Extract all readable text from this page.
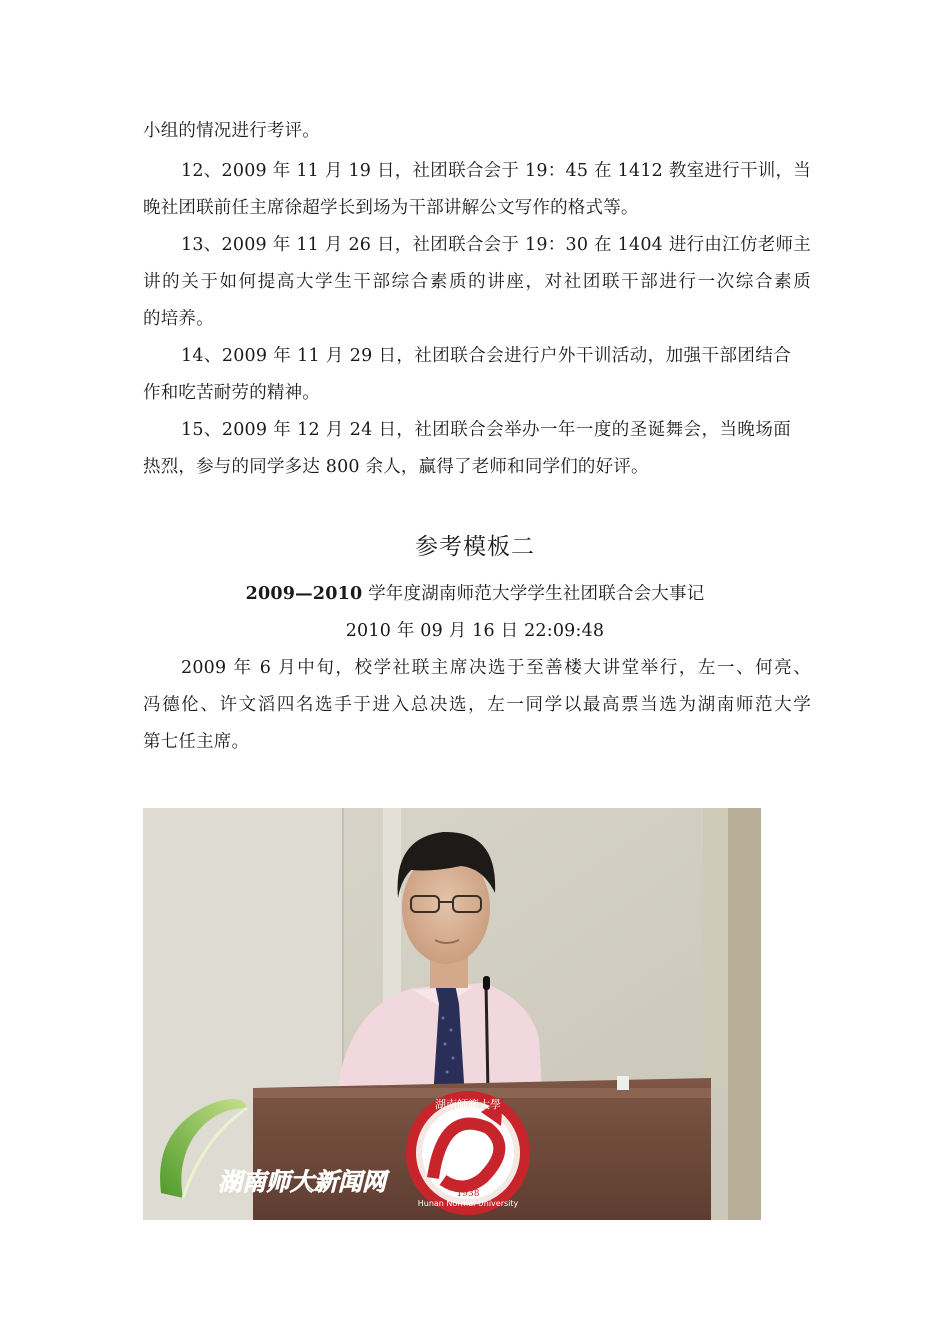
小组的情况进行考评。
12、2009 年 11 月 19 日，社团联合会于 19：45 在 1412 教室进行干训，当
晚社团联前任主席徐超学长到场为干部讲解公文写作的格式等。
13、2009 年 11 月 26 日，社团联合会于 19：30 在 1404 进行由江仿老师主
讲的关于如何提高大学生干部综合素质的讲座，对社团联干部进行一次综合素质
的培养。
14、2009 年 11 月 29 日，社团联合会进行户外干训活动，加强干部团结合
作和吃苦耐劳的精神。
15、2009 年 12 月 24 日，社团联合会举办一年一度的圣诞舞会，当晚场面
热烈，参与的同学多达 800 余人，赢得了老师和同学们的好评。
参考模板二
2009—2010 学年度湖南师范大学学生社团联合会大事记
2010 年 09 月 16 日 22:09:48
2009 年 6 月中旬，校学社联主席决选于至善楼大讲堂举行，左一、何亮、
冯德伦、许文滔四名选手于进入总决选，左一同学以最高票当选为湖南师范大学
第七任主席。
湖南師範大學
Hunan Normal University
1938
湖南师大新闻网
